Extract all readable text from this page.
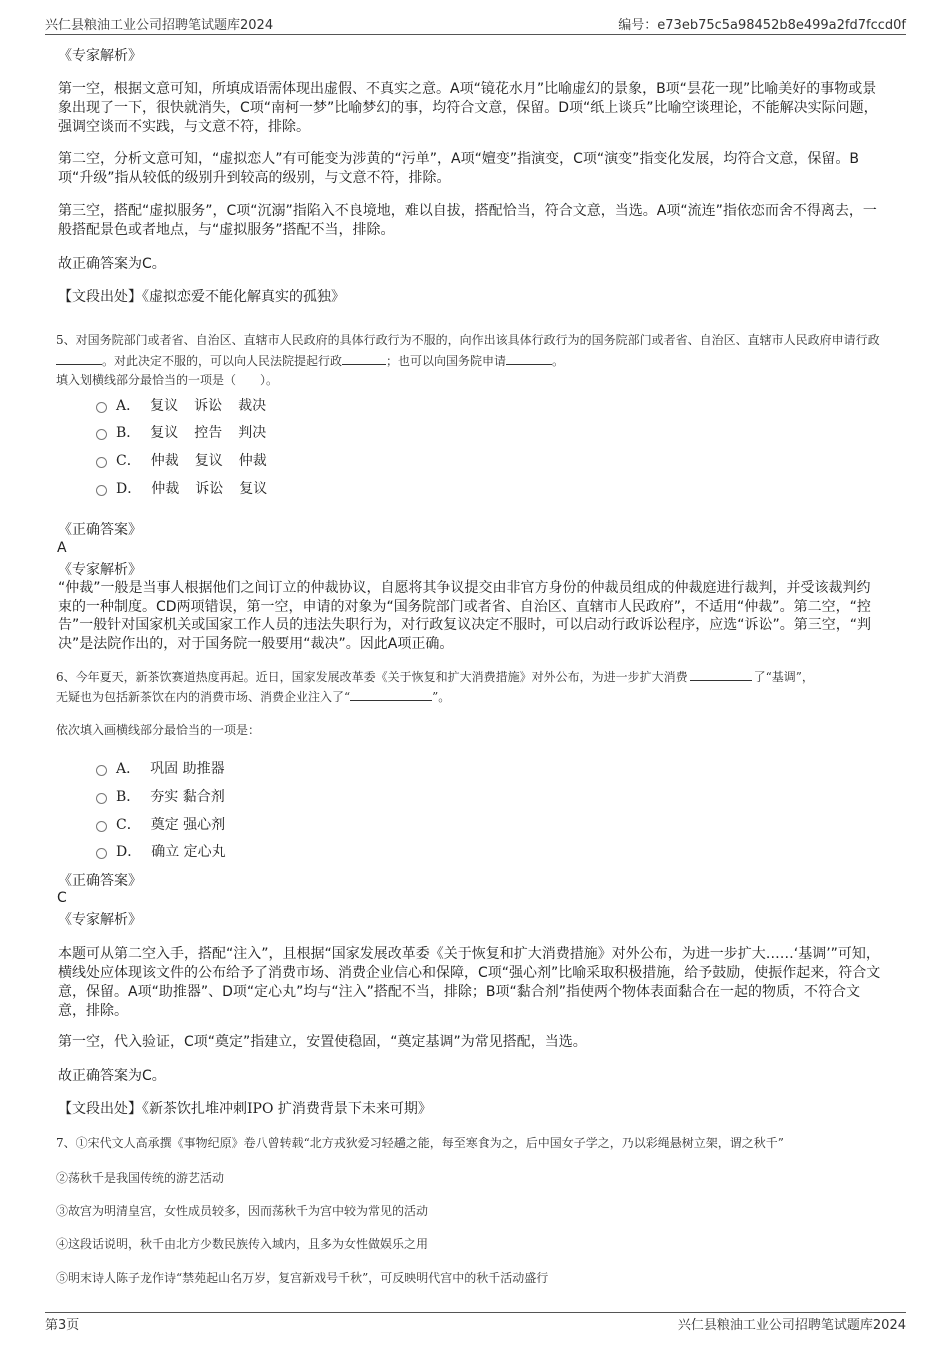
兴仁县粮油工业公司招聘笔试题库2024	编号：e73eb75c5a98452b8e499a2fd7fccd0f

《专家解析》

第一空，根据文意可知，所填成语需体现出虚假、不真实之意。A项“镜花水月”比喻虚幻的景象，B项“昙花一现”比喻美好的事物或景象出现了一下，很快就消失，C项“南柯一梦”比喻梦幻的事，均符合文意，保留。D项“纸上谈兵”比喻空谈理论，不能解决实际问题，强调空谈而不实践，与文意不符，排除。

第二空，分析文意可知，“虚拟恋人”有可能变为涉黄的“污单”，A项“嬗变”指演变，C项“演变”指变化发展，均符合文意，保留。B项“升级”指从较低的级别升到较高的级别，与文意不符，排除。

第三空，搭配“虚拟服务”，C项“沉溺”指陷入不良境地，难以自拔，搭配恰当，符合文意，当选。A项“流连”指依恋而舍不得离去，一般搭配景色或者地点，与“虚拟服务”搭配不当，排除。

故正确答案为C。

【文段出处】《虚拟恋爱不能化解真实的孤独》

5、对国务院部门或者省、自治区、直辖市人民政府的具体行政行为不服的，向作出该具体行政行为的国务院部门或者省、自治区、直辖市人民政府申请行政。对此决定不服的，可以向人民法院提起行政	；也可以向国务院申请	。

填入划横线部分最恰当的一项是（　　）。

A． 复议 诉讼 裁决
B． 复议 控告 判决
C． 仲裁 复议 仲裁
D． 仲裁 诉讼 复议

《正确答案》

A

《专家解析》

“仲裁”一般是当事人根据他们之间订立的仲裁协议，自愿将其争议提交由非官方身份的仲裁员组成的仲裁庭进行裁判，并受该裁判约束的一种制度。CD两项错误，第一空，申请的对象为“国务院部门或者省、自治区、直辖市人民政府”，不适用“仲裁”。第二空，“控告”一般针对国家机关或国家工作人员的违法失职行为，对行政复议决定不服时，可以启动行政诉讼程序，应选“诉讼”。第三空，“判决”是法院作出的，对于国务院一般要用“裁决”。因此A项正确。

6、今年夏天，新茶饮赛道热度再起。近日，国家发展改革委《关于恢复和扩大消费措施》对外公布，为进一步扩大消费	了“基调”，
无疑也为包括新茶饮在内的消费市场、消费企业注入了“	”。

依次填入画横线部分最恰当的一项是：

A． 巩固 助推器
B． 夯实 黏合剂
C． 奠定 强心剂
D． 确立 定心丸

《正确答案》

C

《专家解析》

本题可从第二空入手，搭配“注入”，且根据“国家发展改革委《关于恢复和扩大消费措施》对外公布，为进一步扩大……‘基调’”可知，横线处应体现该文件的公布给予了消费市场、消费企业信心和保障，C项“强心剂”比喻采取积极措施，给予鼓励，使振作起来，符合文意，保留。A项“助推器”、D项“定心丸”均与“注入”搭配不当，排除；B项“黏合剂”指使两个物体表面黏合在一起的物质，不符合文意，排除。

第一空，代入验证，C项“奠定”指建立，安置使稳固，“奠定基调”为常见搭配，当选。

故正确答案为C。

【文段出处】《新茶饮扎堆冲刺IPO 扩消费背景下未来可期》

7、①宋代文人高承撰《事物纪原》卷八曾转载“北方戎狄爱习轻趫之能，每至寒食为之，后中国女子学之，乃以彩绳悬树立架，谓之秋千”

②荡秋千是我国传统的游艺活动

③故宫为明清皇宫，女性成员较多，因而荡秋千为宫中较为常见的活动

④这段话说明，秋千由北方少数民族传入域内，且多为女性做娱乐之用

⑤明末诗人陈子龙作诗“禁苑起山名万岁，复宫新戏号千秋”，可反映明代宫中的秋千活动盛行

第3页	兴仁县粮油工业公司招聘笔试题库2024
